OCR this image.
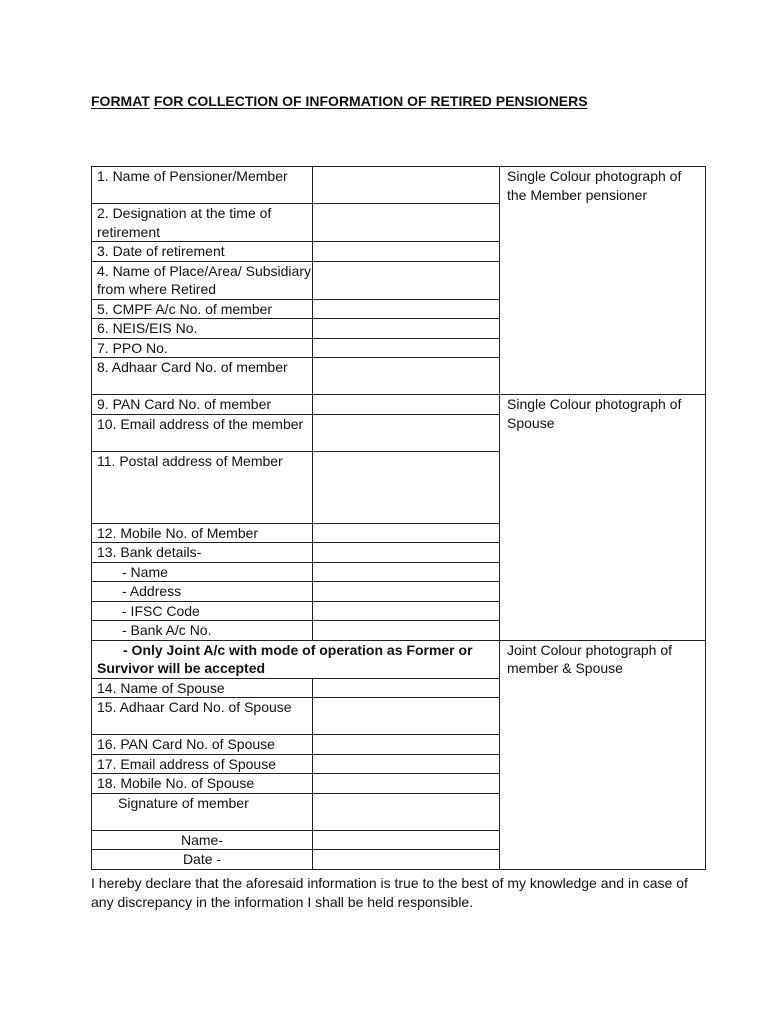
FORMAT FOR COLLECTION OF INFORMATION OF RETIRED PENSIONERS
1. Name of Pensioner/Member		Single Colour photograph of the Member pensioner
2. Designation at the time of retirement		
3. Date of retirement		
4. Name of Place/Area/ Subsidiary from where Retired		
5. CMPF A/c No. of member		
6. NEIS/EIS No.		
7. PPO No.		
8. Adhaar Card No. of member		
9. PAN Card No. of member		Single Colour photograph of Spouse
10. Email address of the member		
11. Postal address of Member		
12. Mobile No. of Member		
13. Bank details-		
- Name		
- Address		
- IFSC Code		
- Bank A/c No.		
- Only Joint A/c with mode of operation as Former or Survivor will be accepted		Joint Colour photograph of member & Spouse
14. Name of Spouse		
15. Adhaar Card No. of Spouse		
16. PAN Card No. of Spouse		
17. Email address of Spouse		
18. Mobile No. of Spouse		
Signature of member		
Name-		
Date -		
I hereby declare that the aforesaid information is true to the best of my knowledge and in case of any discrepancy in the information I shall be held responsible.
